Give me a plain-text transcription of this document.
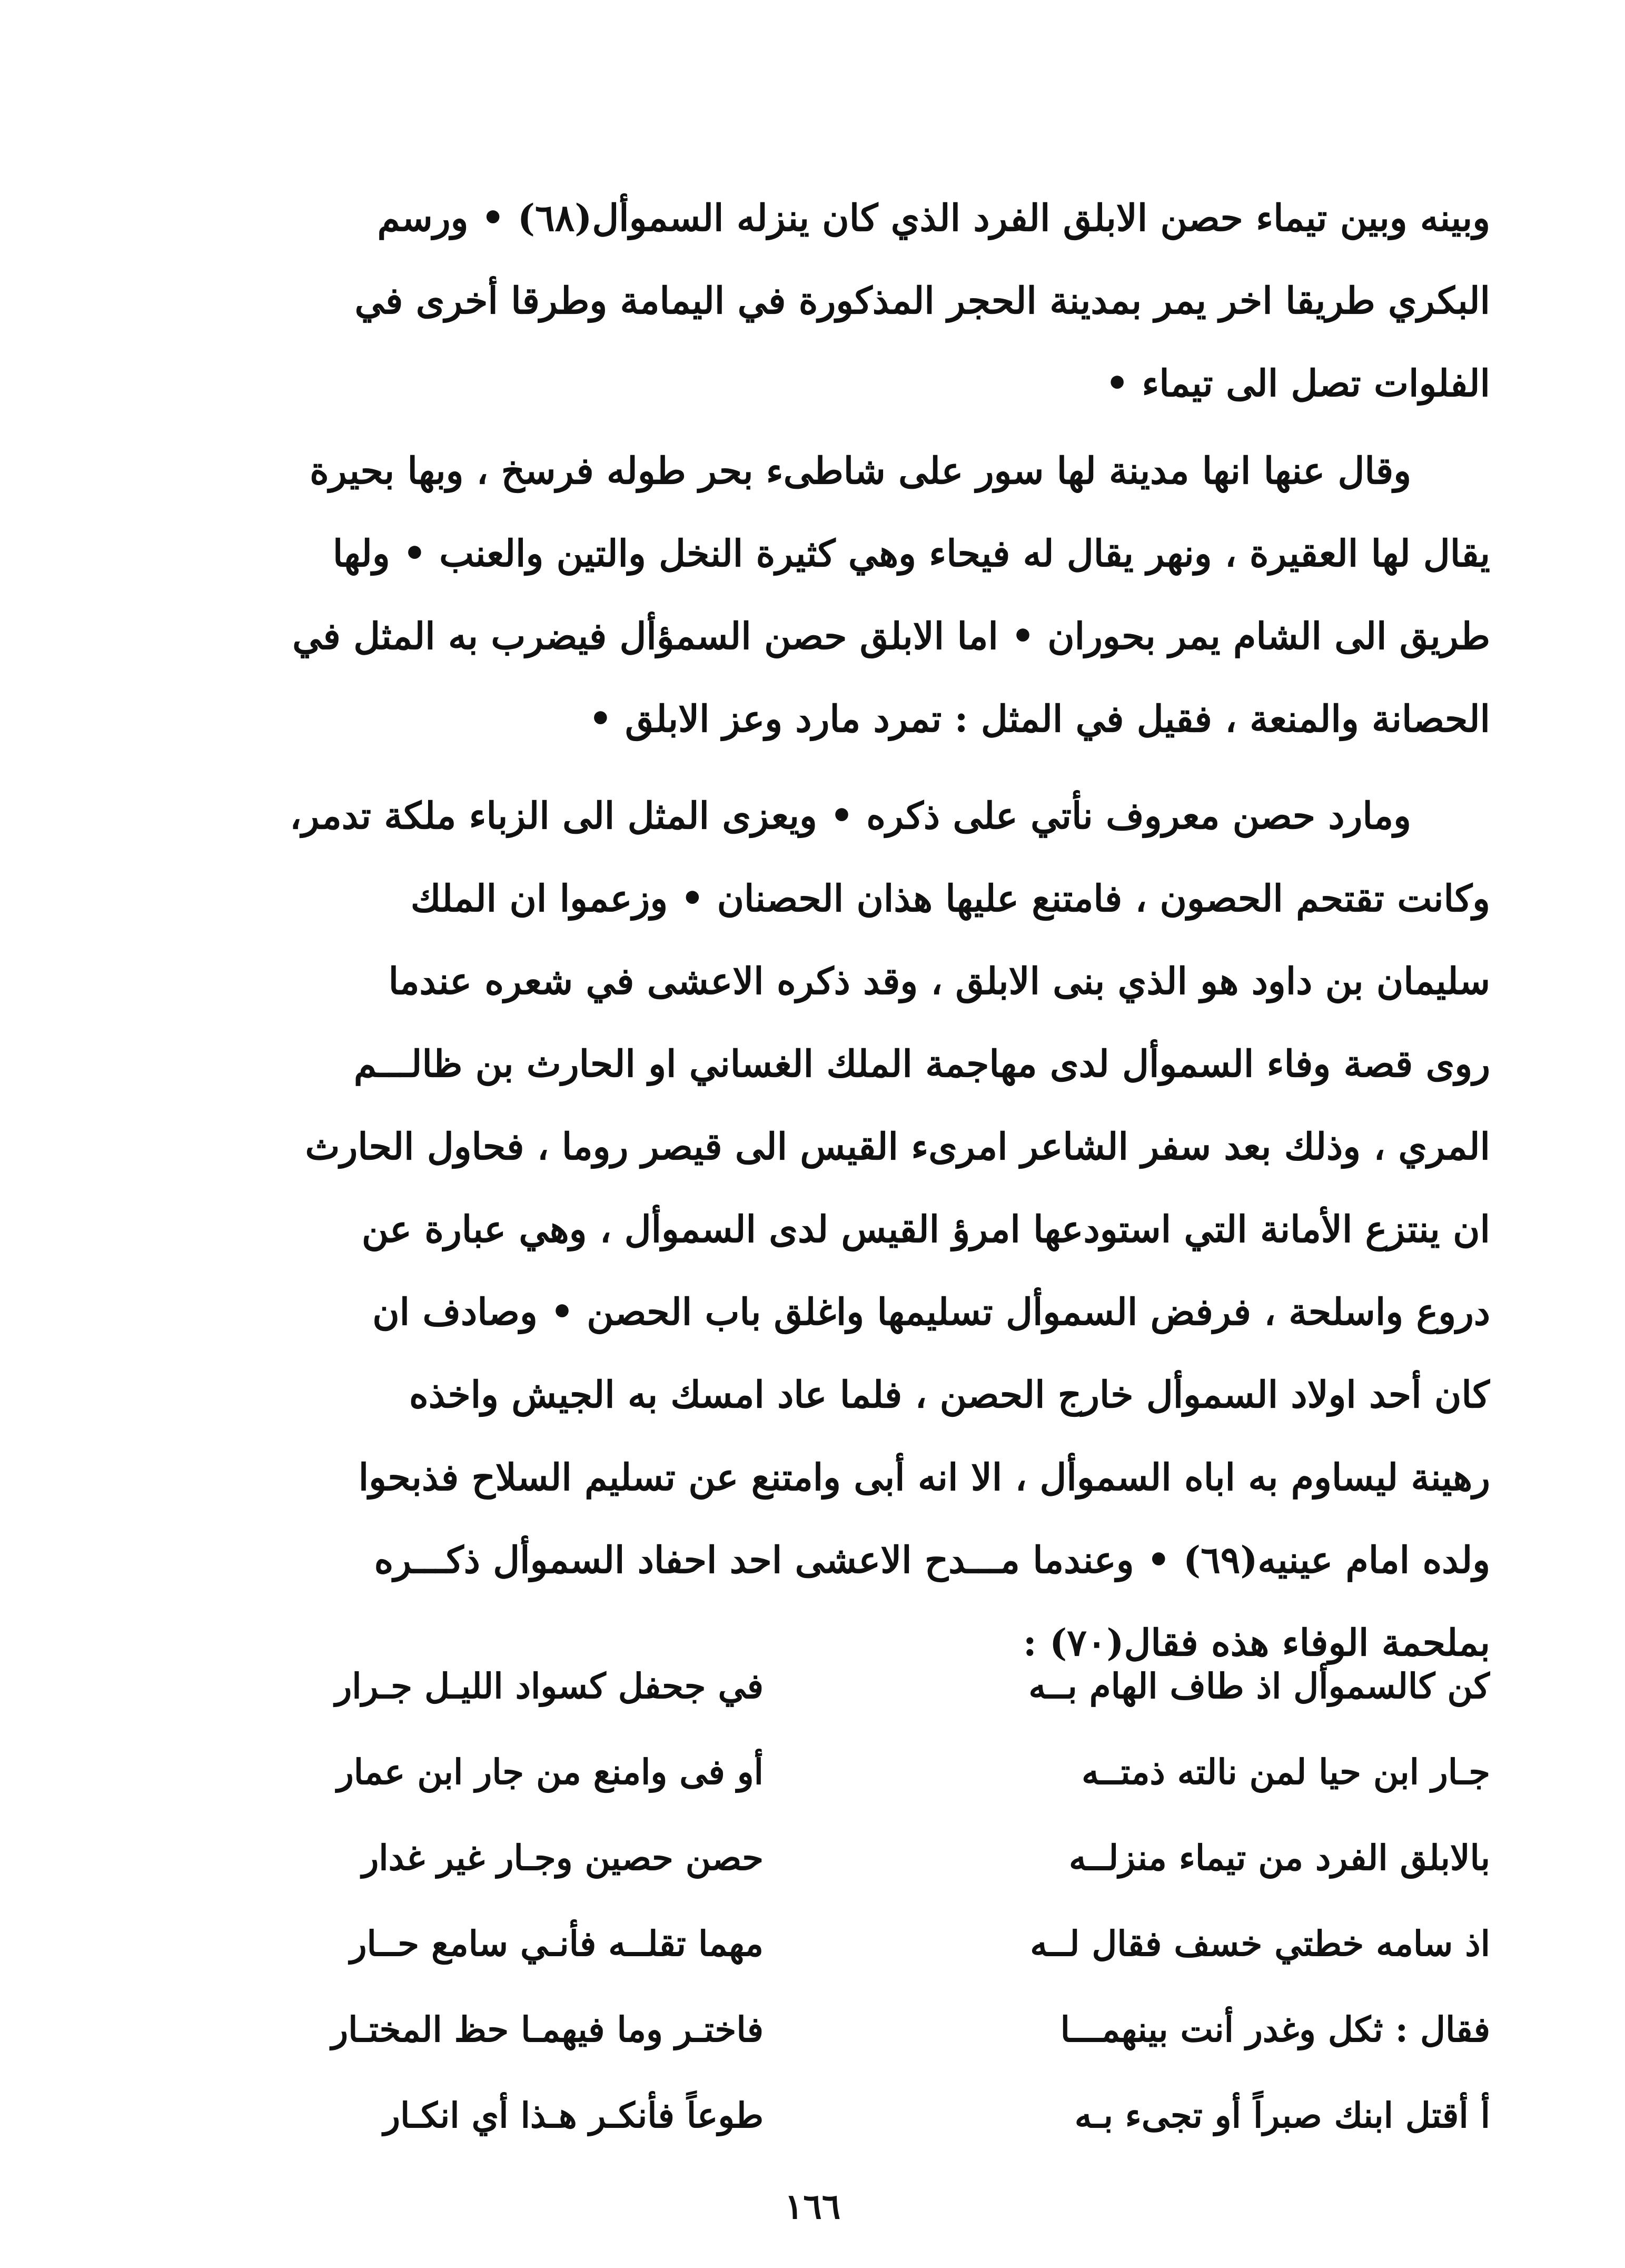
وبينه وبين تيماء حصن الابلق الفرد الذي كان ينزله السموأل(٦٨) • ورسم
البكري طريقا اخر يمر بمدينة الحجر المذكورة في اليمامة وطرقا أخرى في
الفلوات تصل الى تيماء •
وقال عنها انها مدينة لها سور على شاطىء بحر طوله فرسخ ، وبها بحيرة
يقال لها العقيرة ، ونهر يقال له فيحاء وهي كثيرة النخل والتين والعنب • ولها
طريق الى الشام يمر بحوران • اما الابلق حصن السمؤأل فيضرب به المثل في
الحصانة والمنعة ، فقيل في المثل : تمرد مارد وعز الابلق •
ومارد حصن معروف نأتي على ذكره • ويعزى المثل الى الزباء ملكة تدمر،
وكانت تقتحم الحصون ، فامتنع عليها هذان الحصنان • وزعموا ان الملك
سليمان بن داود هو الذي بنى الابلق ، وقد ذكره الاعشى في شعره عندما
روى قصة وفاء السموأل لدى مهاجمة الملك الغساني او الحارث بن ظالـــم
المري ، وذلك بعد سفر الشاعر امرىء القيس الى قيصر روما ، فحاول الحارث
ان ينتزع الأمانة التي استودعها امرؤ القيس لدى السموأل ، وهي عبارة عن
دروع واسلحة ، فرفض السموأل تسليمها واغلق باب الحصن • وصادف ان
كان أحد اولاد السموأل خارج الحصن ، فلما عاد امسك به الجيش واخذه
رهينة ليساوم به اباه السموأل ، الا انه أبى وامتنع عن تسليم السلاح فذبحوا
ولده امام عينيه(٦٩) • وعندما مـــدح الاعشى احد احفاد السموأل ذكـــره
بملحمة الوفاء هذه فقال(٧٠) :
كن كالسموأل اذ طاف الهام بــه
في جحفل كسواد الليـل جـرار
جـار ابن حيا لمن نالته ذمتــه
أو فى وامنع من جار ابن عمار
بالابلق الفرد من تيماء منزلــه
حصن حصين وجـار غير غدار
اذ سامه خطتي خسف فقال لــه
مهما تقلــه فأنـي سامع حــار
فقال : ثكل وغدر أنت بينهمـــا
فاختـر وما فيهمـا حظ المختـار
أ أقتل ابنك صبراً أو تجىء بـه
طوعاً فأنكـر هـذا أي انكـار
١٦٦
